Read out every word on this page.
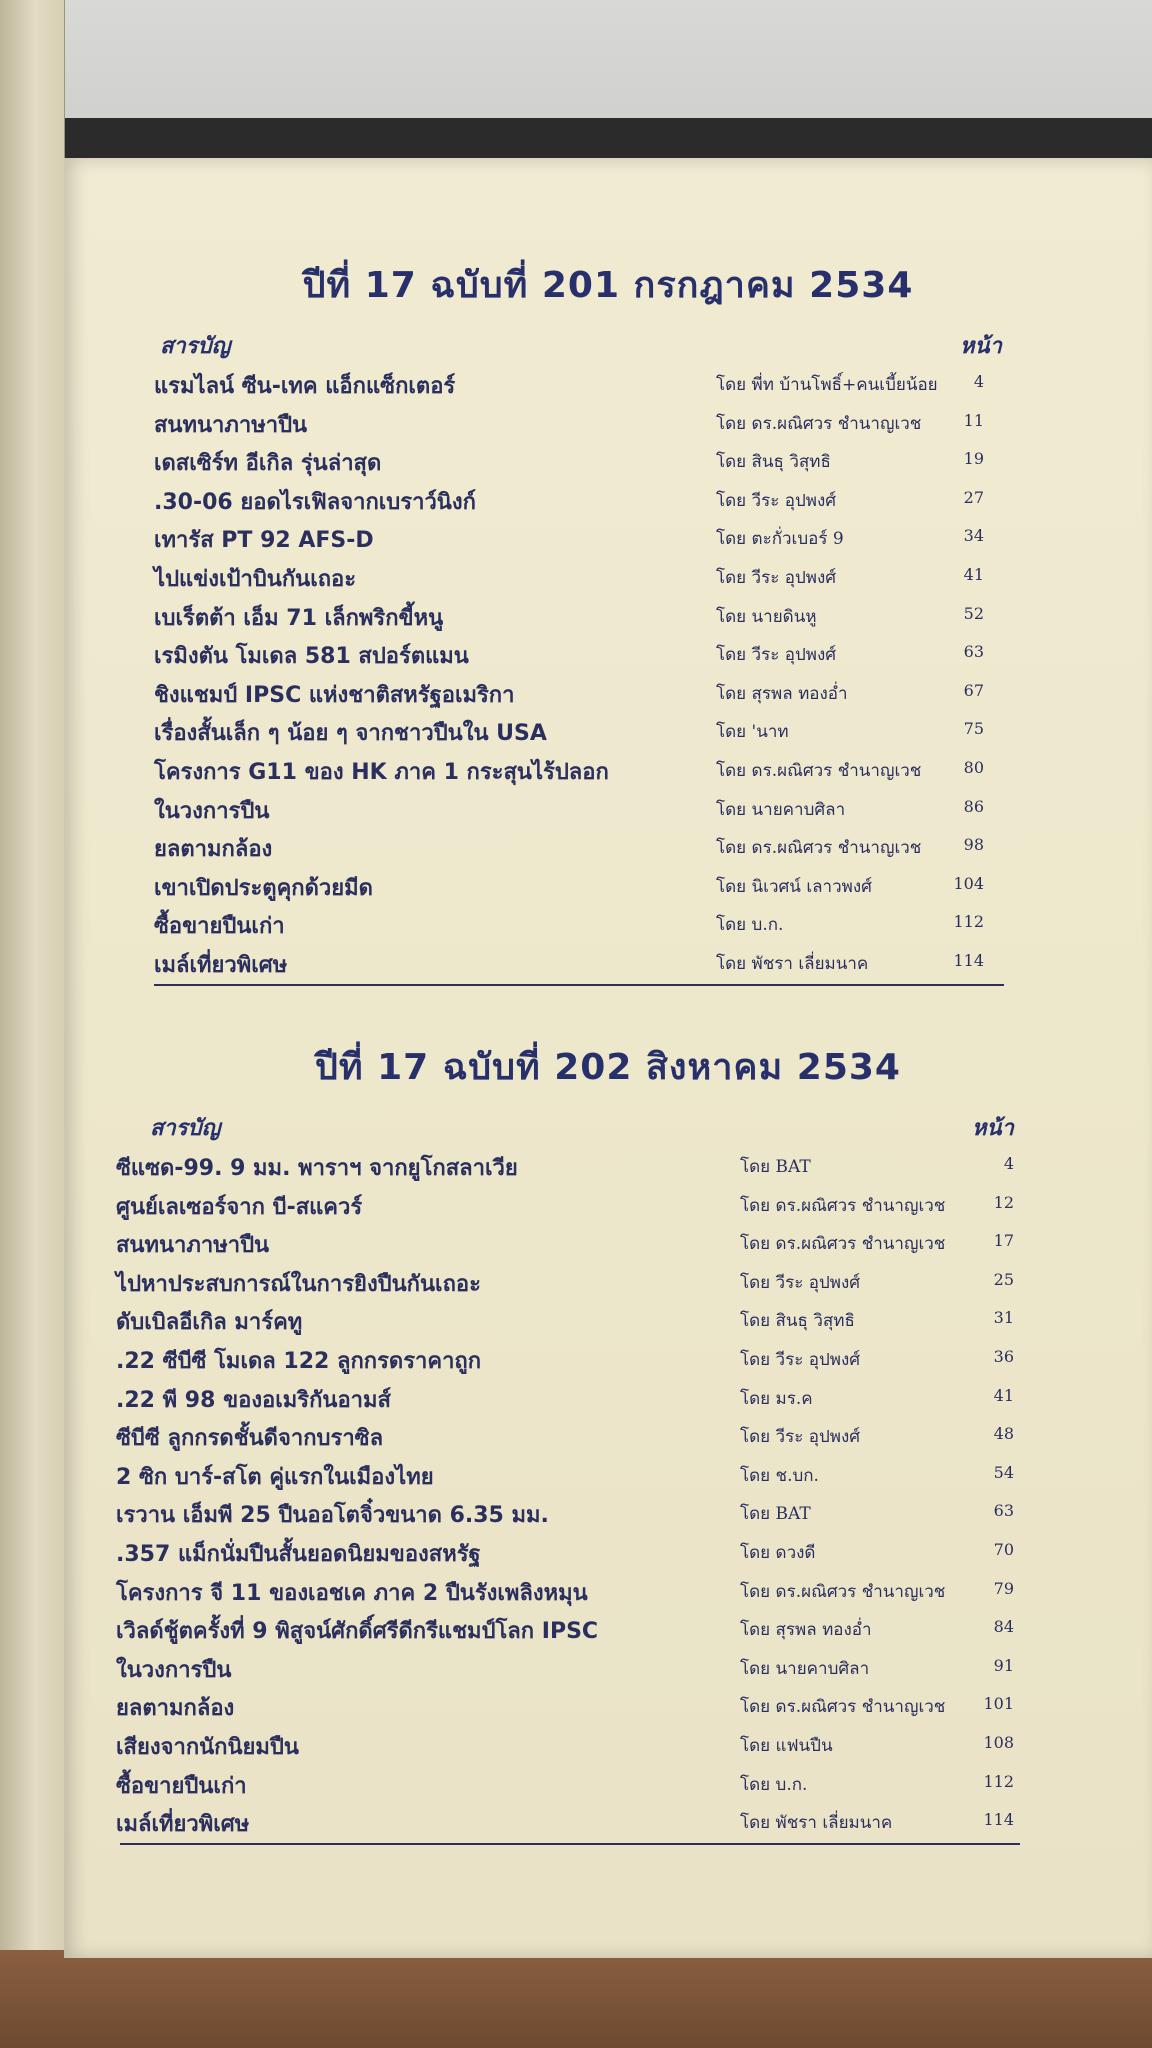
ปีที่ 17 ฉบับที่ 201 กรกฎาคม 2534
สารบัญ	หน้า
แรมไลน์ ซีน-เทค แอ็กแซ็กเตอร์	โดย พี่ท บ้านโพธิ์+คนเบี้ยน้อย	4
สนทนาภาษาปืน	โดย ดร.ผณิศวร ชำนาญเวช	11
เดสเซิร์ท อีเกิล รุ่นล่าสุด	โดย สินธุ วิสุทธิ	19
.30-06 ยอดไรเฟิลจากเบราว์นิงก์	โดย วีระ อุปพงศ์	27
เทารัส PT 92 AFS-D	โดย ตะกั่วเบอร์ 9	34
ไปแข่งเป้าบินกันเถอะ	โดย วีระ อุปพงศ์	41
เบเร็ตต้า เอ็ม 71 เล็กพริกขี้หนู	โดย นายดินหู	52
เรมิงตัน โมเดล 581 สปอร์ตแมน	โดย วีระ อุปพงศ์	63
ชิงแชมป์ IPSC แห่งชาติสหรัฐอเมริกา	โดย สุรพล ทองอ่ำ	67
เรื่องสั้นเล็ก ๆ น้อย ๆ จากชาวปืนใน USA	โดย 'นาท	75
โครงการ G11 ของ HK ภาค 1 กระสุนไร้ปลอก	โดย ดร.ผณิศวร ชำนาญเวช	80
ในวงการปืน	โดย นายคาบศิลา	86
ยลตามกล้อง	โดย ดร.ผณิศวร ชำนาญเวช	98
เขาเปิดประตูคุกด้วยมีด	โดย นิเวศน์ เลาวพงศ์	104
ซื้อขายปืนเก่า	โดย บ.ก.	112
เมล์เที่ยวพิเศษ	โดย พัชรา เลี่ยมนาค	114
ปีที่ 17 ฉบับที่ 202 สิงหาคม 2534
สารบัญ	หน้า
ซีแซด-99. 9 มม. พาราฯ จากยูโกสลาเวีย	โดย BAT	4
ศูนย์เลเซอร์จาก บี-สแควร์	โดย ดร.ผณิศวร ชำนาญเวช	12
สนทนาภาษาปืน	โดย ดร.ผณิศวร ชำนาญเวช	17
ไปหาประสบการณ์ในการยิงปืนกันเถอะ	โดย วีระ อุปพงศ์	25
ดับเบิลอีเกิล มาร์คทู	โดย สินธุ วิสุทธิ	31
.22 ซีบีซี โมเดล 122 ลูกกรดราคาถูก	โดย วีระ อุปพงศ์	36
.22 พี 98 ของอเมริกันอามส์	โดย มร.ค	41
ซีบีซี ลูกกรดชั้นดีจากบราซิล	โดย วีระ อุปพงศ์	48
2 ซิก บาร์-สโต คู่แรกในเมืองไทย	โดย ช.บก.	54
เรวาน เอ็มพี 25 ปืนออโตจิ๋วขนาด 6.35 มม.	โดย BAT	63
.357 แม็กนั่มปืนสั้นยอดนิยมของสหรัฐ	โดย ดวงดี	70
โครงการ จี 11 ของเอชเค ภาค 2 ปืนรังเพลิงหมุน	โดย ดร.ผณิศวร ชำนาญเวช	79
เวิลด์ชู้ตครั้งที่ 9 พิสูจน์ศักดิ์ศรีดีกรีแชมป์โลก IPSC	โดย สุรพล ทองอ่ำ	84
ในวงการปืน	โดย นายคาบศิลา	91
ยลตามกล้อง	โดย ดร.ผณิศวร ชำนาญเวช	101
เสียงจากนักนิยมปืน	โดย แฟนปืน	108
ซื้อขายปืนเก่า	โดย บ.ก.	112
เมล์เที่ยวพิเศษ	โดย พัชรา เลี่ยมนาค	114
